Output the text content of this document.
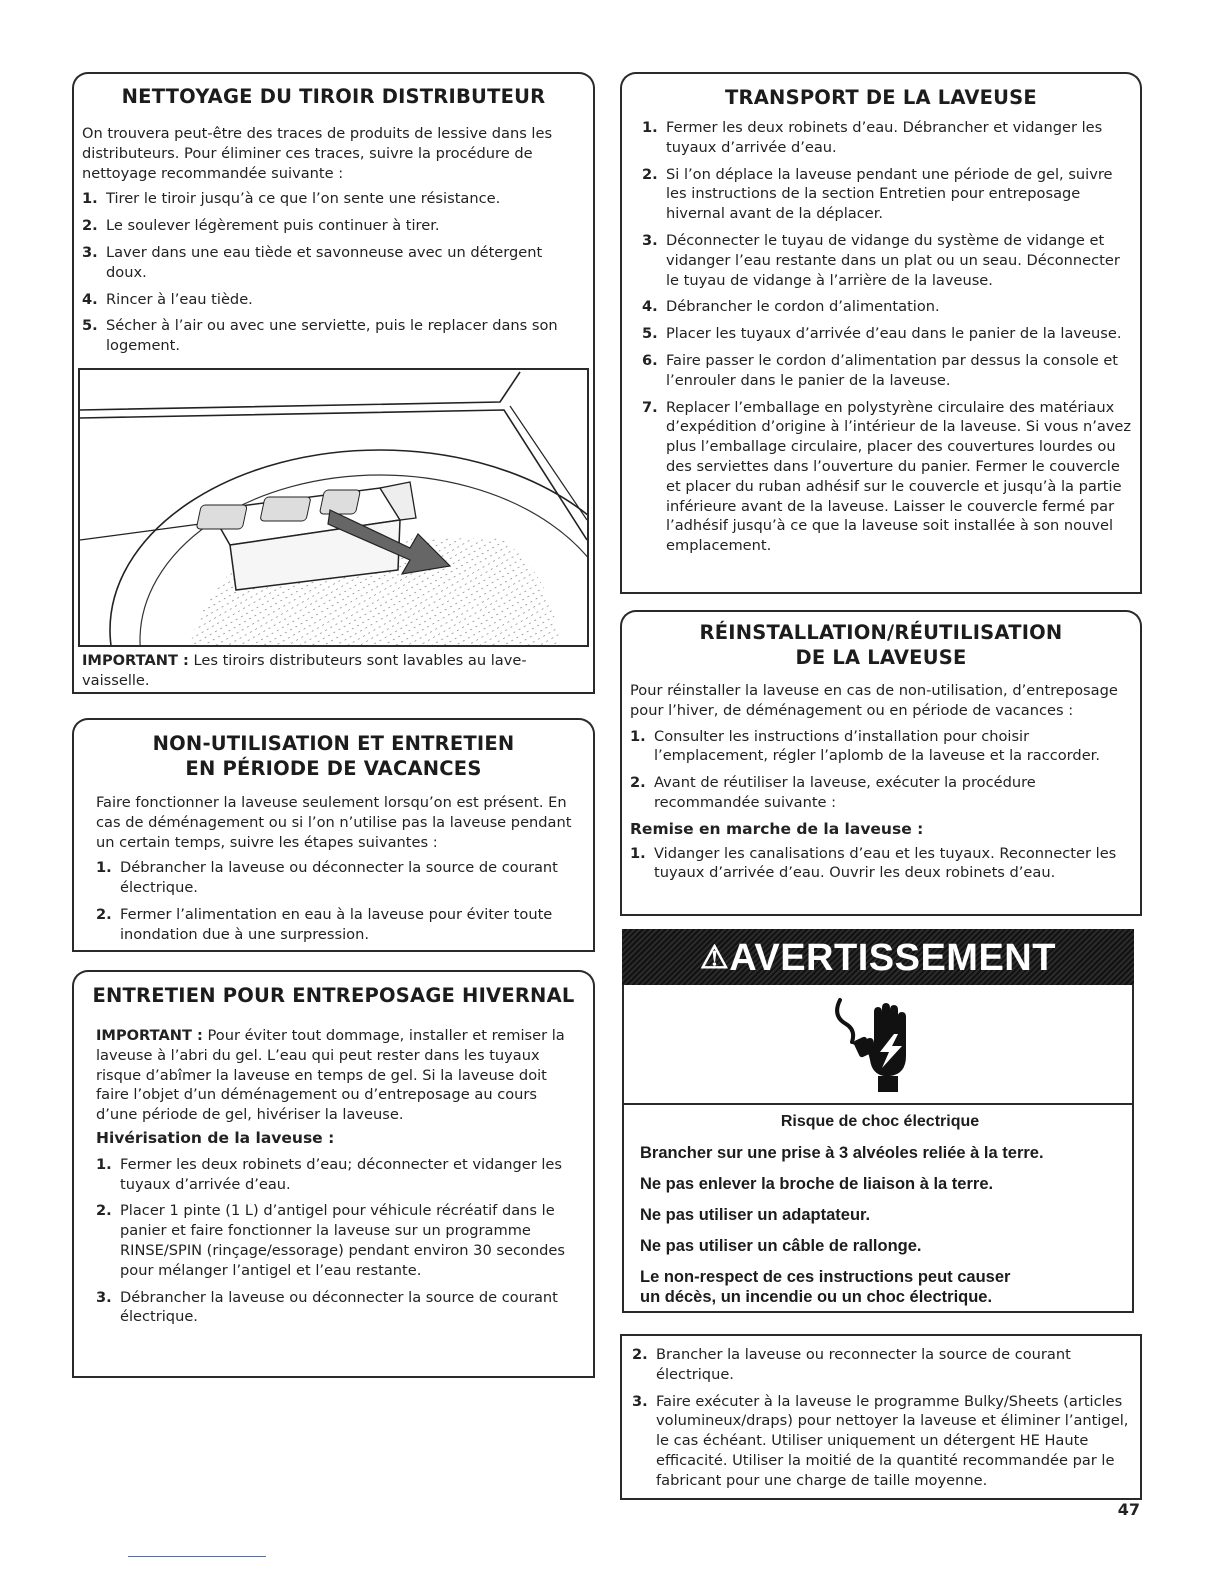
NETTOYAGE DU TIROIR DISTRIBUTEUR

On trouvera peut-être des traces de produits de lessive dans les distributeurs. Pour éliminer ces traces, suivre la procédure de nettoyage recommandée suivante :

1. Tirer le tiroir jusqu’à ce que l’on sente une résistance.
2. Le soulever légèrement puis continuer à tirer.
3. Laver dans une eau tiède et savonneuse avec un détergent doux.
4. Rincer à l’eau tiède.
5. Sécher à l’air ou avec une serviette, puis le replacer dans son logement.
IMPORTANT : Les tiroirs distributeurs sont lavables au lave-vaisselle.
NON-UTILISATION ET ENTRETIEN
EN PÉRIODE DE VACANCES

Faire fonctionner la laveuse seulement lorsqu’on est présent. En cas de déménagement ou si l’on n’utilise pas la laveuse pendant un certain temps, suivre les étapes suivantes :

1. Débrancher la laveuse ou déconnecter la source de courant électrique.
2. Fermer l’alimentation en eau à la laveuse pour éviter toute inondation due à une surpression.
ENTRETIEN POUR ENTREPOSAGE HIVERNAL

IMPORTANT : Pour éviter tout dommage, installer et remiser la laveuse à l’abri du gel. L’eau qui peut rester dans les tuyaux risque d’abîmer la laveuse en temps de gel. Si la laveuse doit faire l’objet d’un déménagement ou d’entreposage au cours d’une période de gel, hivériser la laveuse.

Hivérisation de la laveuse :
1. Fermer les deux robinets d’eau; déconnecter et vidanger les tuyaux d’arrivée d’eau.
2. Placer 1 pinte (1 L) d’antigel pour véhicule récréatif dans le panier et faire fonctionner la laveuse sur un programme RINSE/SPIN (rinçage/essorage) pendant environ 30 secondes pour mélanger l’antigel et l’eau restante.
3. Débrancher la laveuse ou déconnecter la source de courant électrique.
TRANSPORT DE LA LAVEUSE
1. Fermer les deux robinets d’eau. Débrancher et vidanger les tuyaux d’arrivée d’eau.
2. Si l’on déplace la laveuse pendant une période de gel, suivre les instructions de la section Entretien pour entreposage hivernal avant de la déplacer.
3. Déconnecter le tuyau de vidange du système de vidange et vidanger l’eau restante dans un plat ou un seau. Déconnecter le tuyau de vidange à l’arrière de la laveuse.
4. Débrancher le cordon d’alimentation.
5. Placer les tuyaux d’arrivée d’eau dans le panier de la laveuse.
6. Faire passer le cordon d’alimentation par dessus la console et l’enrouler dans le panier de la laveuse.
7. Replacer l’emballage en polystyrène circulaire des matériaux d’expédition d’origine à l’intérieur de la laveuse. Si vous n’avez plus l’emballage circulaire, placer des couvertures lourdes ou des serviettes dans l’ouverture du panier. Fermer le couvercle et placer du ruban adhésif sur le couvercle et jusqu’à la partie inférieure avant de la laveuse. Laisser le couvercle fermé par l’adhésif jusqu’à ce que la laveuse soit installée à son nouvel emplacement.
RÉINSTALLATION/RÉUTILISATION
DE LA LAVEUSE

Pour réinstaller la laveuse en cas de non-utilisation, d’entreposage pour l’hiver, de déménagement ou en période de vacances :

1. Consulter les instructions d’installation pour choisir l’emplacement, régler l’aplomb de la laveuse et la raccorder.
2. Avant de réutiliser la laveuse, exécuter la procédure recommandée suivante :
Remise en marche de la laveuse :
1. Vidanger les canalisations d’eau et les tuyaux. Reconnecter les tuyaux d’arrivée d’eau. Ouvrir les deux robinets d’eau.
⚠AVERTISSEMENT
Risque de choc électrique
Brancher sur une prise à 3 alvéoles reliée à la terre.
Ne pas enlever la broche de liaison à la terre.
Ne pas utiliser un adaptateur.
Ne pas utiliser un câble de rallonge.
Le non-respect de ces instructions peut causer
un décès, un incendie ou un choc électrique.
2. Brancher la laveuse ou reconnecter la source de courant électrique.
3. Faire exécuter à la laveuse le programme Bulky/Sheets (articles volumineux/draps) pour nettoyer la laveuse et éliminer l’antigel, le cas échéant. Utiliser uniquement un détergent HE Haute efficacité. Utiliser la moitié de la quantité recommandée par le fabricant pour une charge de taille moyenne.
47
